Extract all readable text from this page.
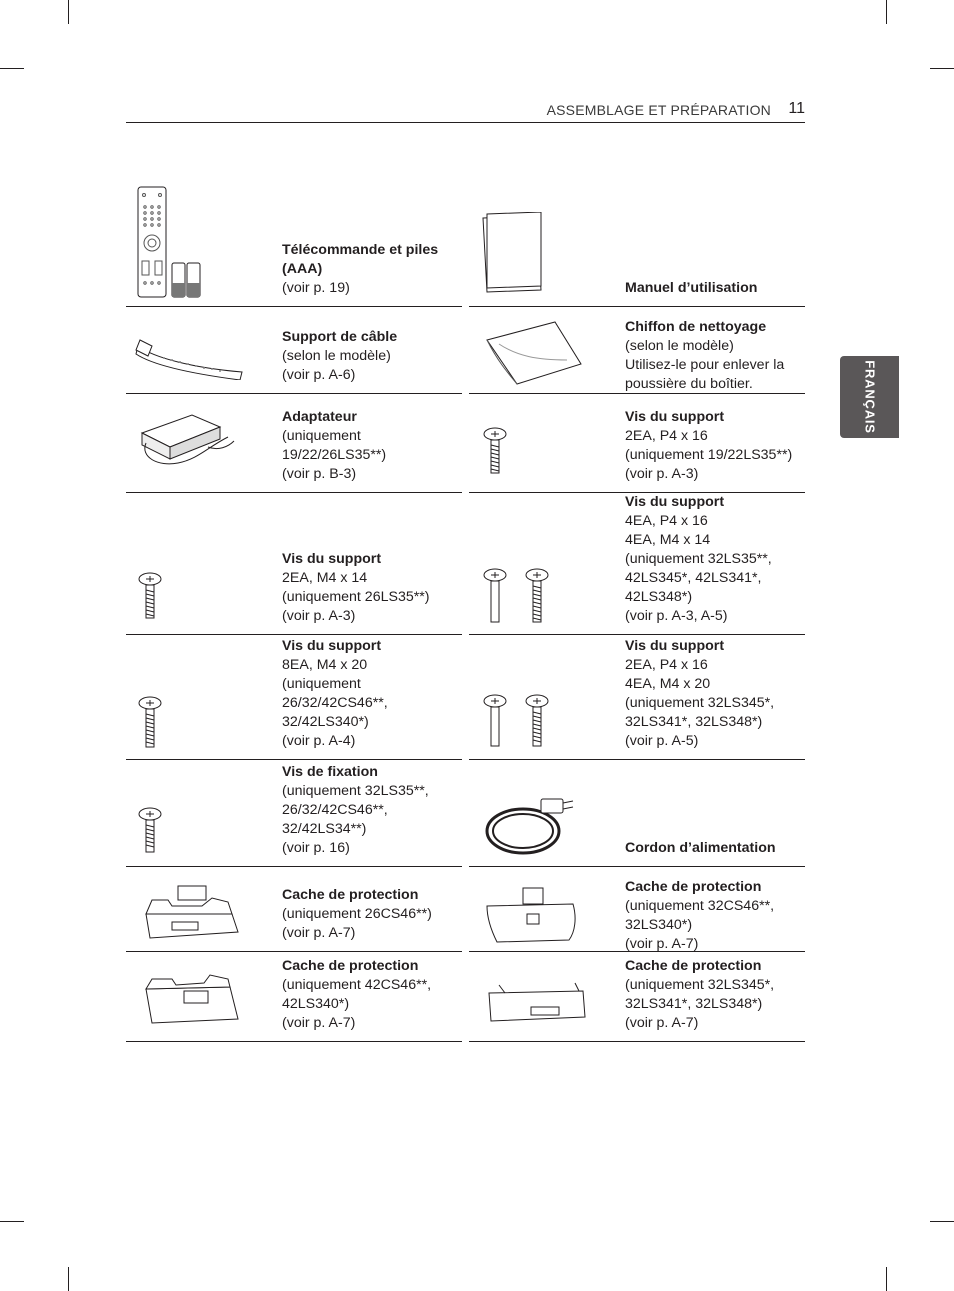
ASSEMBLAGE ET PRÉPARATION 11
FRANÇAIS
Télécommande et piles (AAA)
(voir p. 19)	Manuel d’utilisation
Support de câble
(selon le modèle)
(voir p. A-6)
Chiffon de nettoyage
(selon le modèle)
Utilisez-le pour enlever la
poussière du boîtier.
Adaptateur
(uniquement
19/22/26LS35**)
(voir p. B-3)
Vis du support
2EA, P4 x 16
(uniquement 19/22LS35**)
(voir p. A-3)
Vis du support
2EA, M4 x 14
(uniquement 26LS35**)
(voir p. A-3)
Vis du support
4EA, P4 x 16
4EA, M4 x 14
(uniquement 32LS35**,
42LS345*, 42LS341*,
42LS348*)
(voir p. A-3, A-5)
Vis du support
8EA, M4 x 20
(uniquement
26/32/42CS46**,
32/42LS340*)
(voir p. A-4)
Vis du support
2EA, P4 x 16
4EA, M4 x 20
(uniquement 32LS345*,
32LS341*, 32LS348*)
(voir p. A-5)
Vis de fixation
(uniquement 32LS35**,
26/32/42CS46**,
32/42LS34**)
(voir p. 16)	Cordon d’alimentation
Cache de protection
(uniquement 26CS46**)
(voir p. A-7)
Cache de protection
(uniquement 32CS46**,
32LS340*)
(voir p. A-7)
Cache de protection
(uniquement 42CS46**,
42LS340*)
(voir p. A-7)
Cache de protection
(uniquement 32LS345*,
32LS341*, 32LS348*)
(voir p. A-7)
